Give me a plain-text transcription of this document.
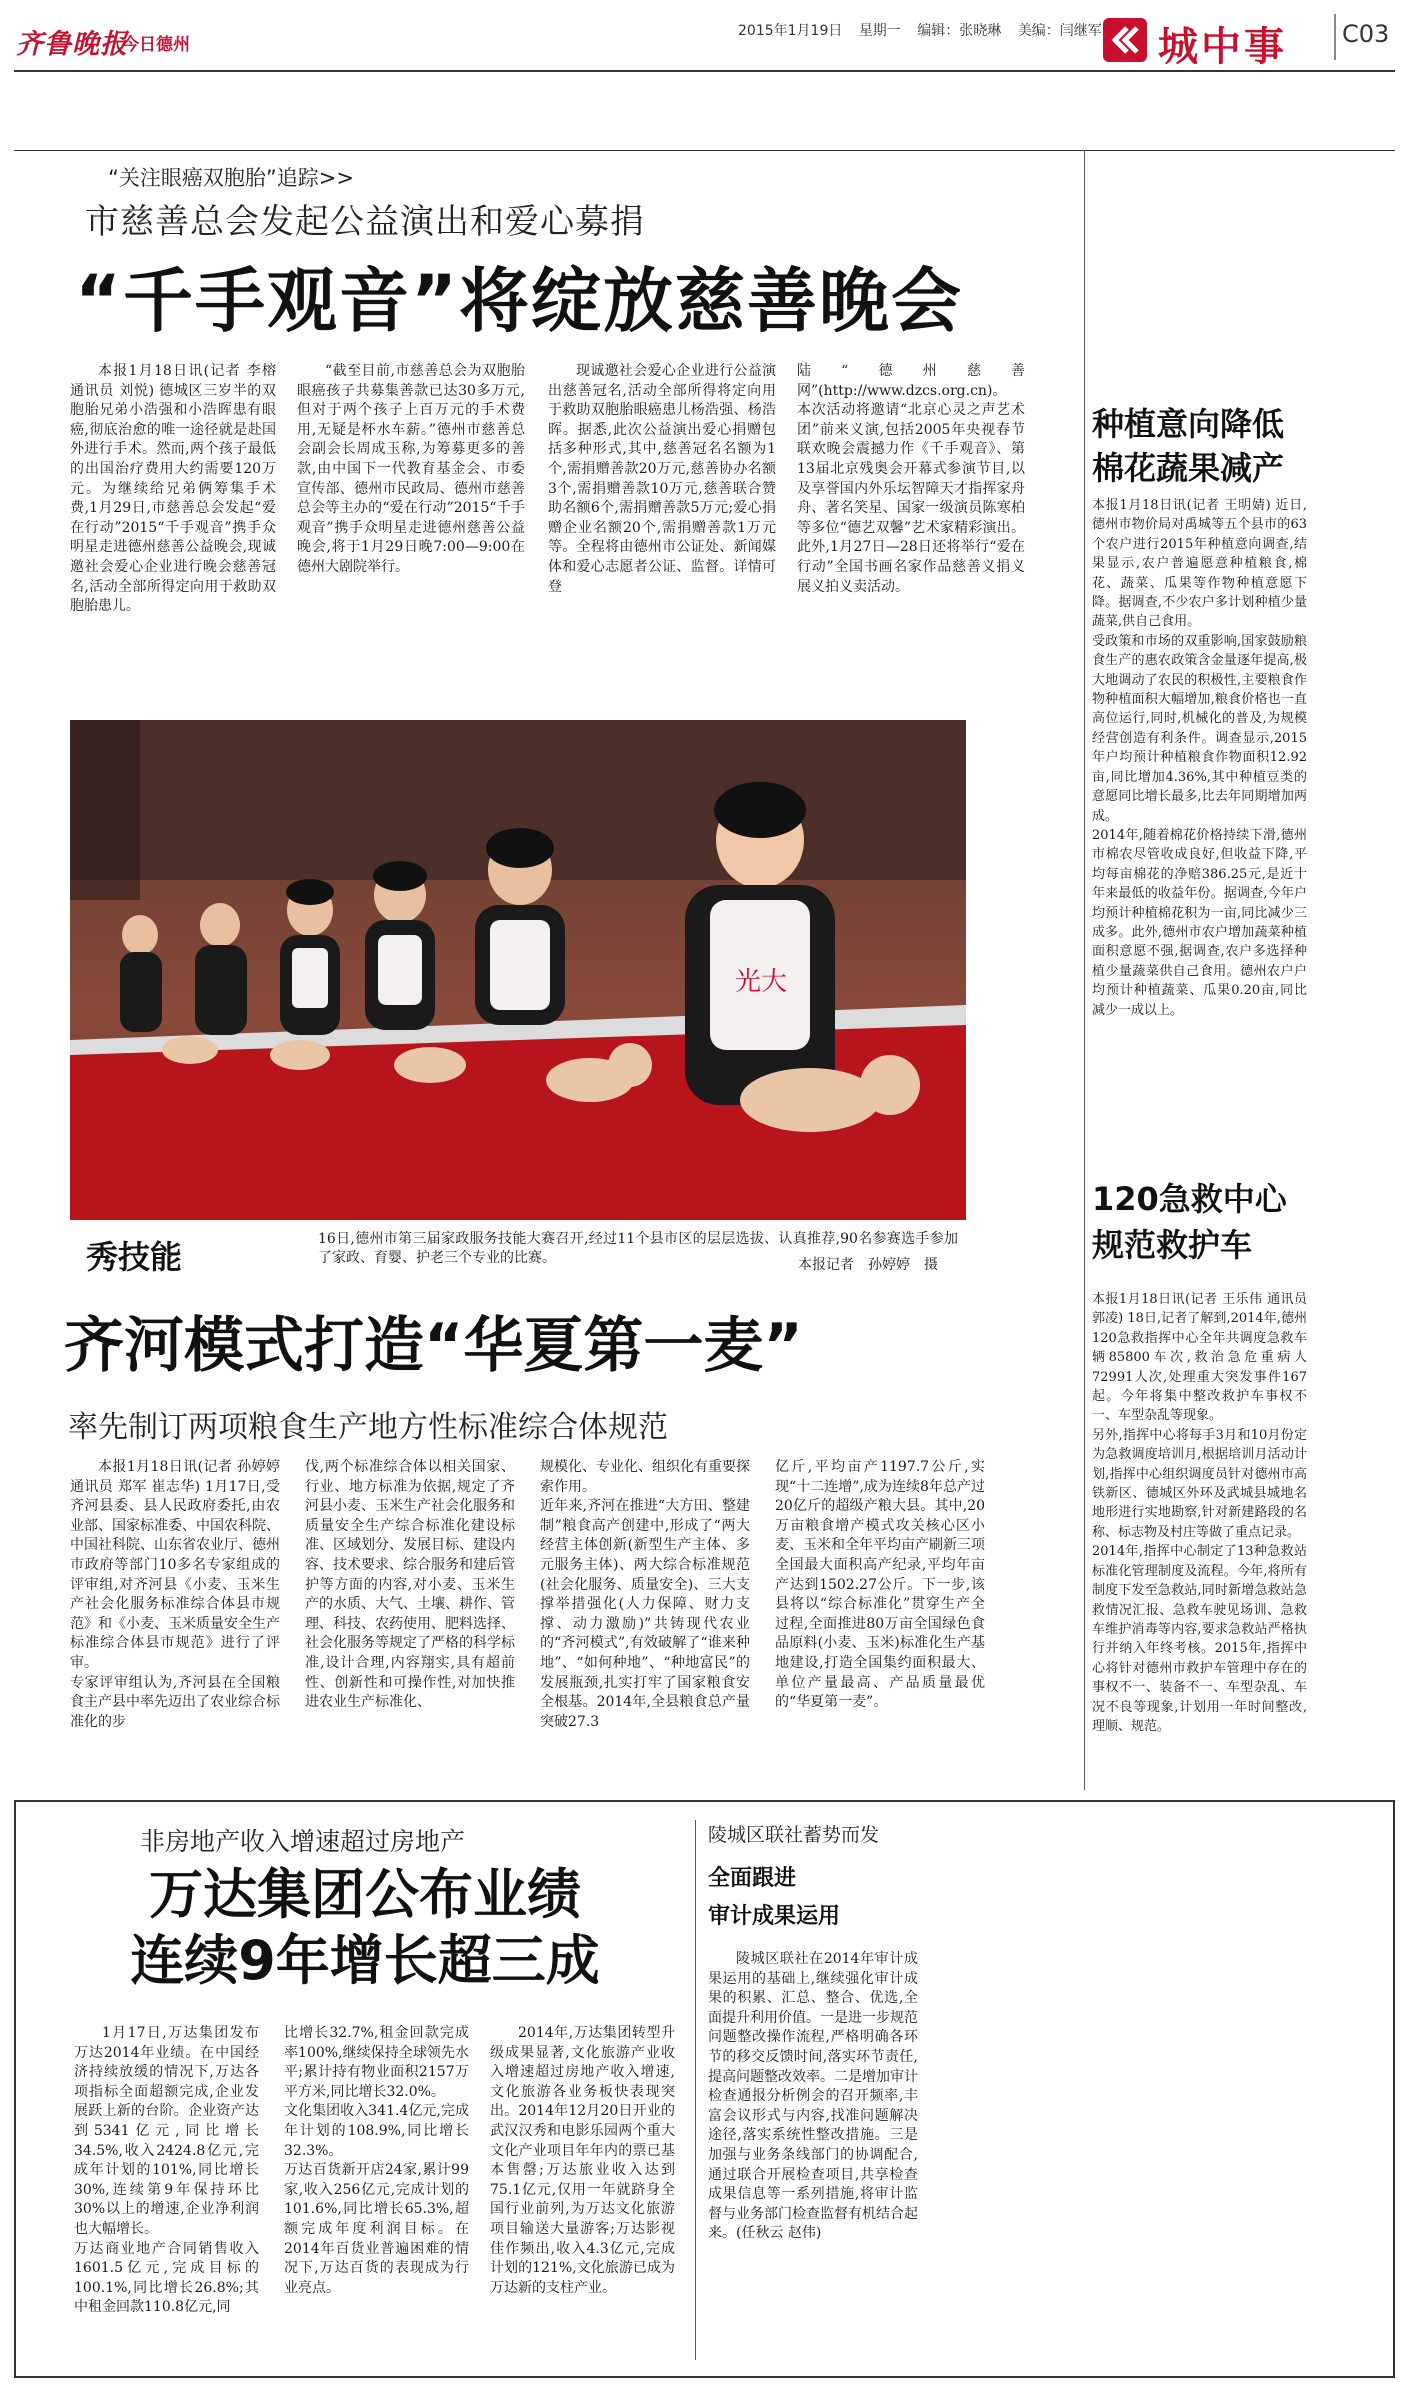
齐鲁晚报
今日德州
2015年1月19日 星期一 编辑：张晓琳 美编：闫继军 城中事 C03
“关注眼癌双胞胎”追踪>>
市慈善总会发起公益演出和爱心募捐
“千手观音”将绽放慈善晚会
本报1月18日讯(记者 李榕 通讯员 刘悦) 德城区三岁半的双胞胎兄弟小浩强和小浩晖患有眼癌,彻底治愈的唯一途径就是赴国外进行手术。然而,两个孩子最低的出国治疗费用大约需要120万元。为继续给兄弟俩筹集手术费,1月29日,市慈善总会发起“爱在行动”2015“千手观音”携手众明星走进德州慈善公益晚会,现诚邀社会爱心企业进行晚会慈善冠名,活动全部所得定向用于救助双胞胎患儿。
“截至目前,市慈善总会为双胞胎眼癌孩子共募集善款已达30多万元,但对于两个孩子上百万元的手术费用,无疑是杯水车薪。”德州市慈善总会副会长周成玉称,为筹募更多的善款,由中国下一代教育基金会、市委宣传部、德州市民政局、德州市慈善总会等主办的“爱在行动”2015“千手观音”携手众明星走进德州慈善公益晚会,将于1月29日晚7:00—9:00在德州大剧院举行。
现诚邀社会爱心企业进行公益演出慈善冠名,活动全部所得将定向用于救助双胞胎眼癌患儿杨浩强、杨浩晖。据悉,此次公益演出爱心捐赠包括多种形式,其中,慈善冠名名额为1个,需捐赠善款20万元,慈善协办名额3个,需捐赠善款10万元,慈善联合赞助名额6个,需捐赠善款5万元;爱心捐赠企业名额20个,需捐赠善款1万元等。全程将由德州市公证处、新闻媒体和爱心志愿者公证、监督。详情可登
陆“德州慈善网”(http://www.dzcs.org.cn)。
本次活动将邀请“北京心灵之声艺术团”前来义演,包括2005年央视春节联欢晚会震撼力作《千手观音》、第13届北京残奥会开幕式参演节目,以及享誉国内外乐坛智障天才指挥家舟舟、著名笑星、国家一级演员陈寒柏等多位“德艺双馨”艺术家精彩演出。此外,1月27日—28日还将举行“爱在行动”全国书画名家作品慈善义捐义展义拍义卖活动。
光大
秀技能	16日,德州市第三届家政服务技能大赛召开,经过11个县市区的层层选拔、认真推荐,90名参赛选手参加了家政、育婴、护老三个专业的比赛。	本报记者　孙婷婷　摄
齐河模式打造“华夏第一麦”
率先制订两项粮食生产地方性标准综合体规范
本报1月18日讯(记者 孙婷婷 通讯员 郑军 崔志华) 1月17日,受齐河县委、县人民政府委托,由农业部、国家标准委、中国农科院、中国社科院、山东省农业厅、德州市政府等部门10多名专家组成的评审组,对齐河县《小麦、玉米生产社会化服务标准综合体县市规范》和《小麦、玉米质量安全生产标准综合体县市规范》进行了评审。
专家评审组认为,齐河县在全国粮食主产县中率先迈出了农业综合标准化的步
伐,两个标准综合体以相关国家、行业、地方标准为依据,规定了齐河县小麦、玉米生产社会化服务和质量安全生产综合标准化建设标准、区域划分、发展目标、建设内容、技术要求、综合服务和建后管护等方面的内容,对小麦、玉米生产的水质、大气、土壤、耕作、管理、科技、农药使用、肥料选择、社会化服务等规定了严格的科学标准,设计合理,内容翔实,具有超前性、创新性和可操作性,对加快推进农业生产标准化、
规模化、专业化、组织化有重要探索作用。
近年来,齐河在推进“大方田、整建制”粮食高产创建中,形成了“两大经营主体创新(新型生产主体、多元服务主体)、两大综合标准规范(社会化服务、质量安全)、三大支撑举措强化(人力保障、财力支撑、动力激励)”共铸现代农业的“齐河模式”,有效破解了“谁来种地”、“如何种地”、“种地富民”的发展瓶颈,扎实打牢了国家粮食安全根基。2014年,全县粮食总产量突破27.3
亿斤,平均亩产1197.7公斤,实现“十二连增”,成为连续8年总产过20亿斤的超级产粮大县。其中,20万亩粮食增产模式攻关核心区小麦、玉米和全年平均亩产刷新三项全国最大面积高产纪录,平均年亩产达到1502.27公斤。下一步,该县将以“综合标准化”贯穿生产全过程,全面推进80万亩全国绿色食品原料(小麦、玉米)标准化生产基地建设,打造全国集约面积最大、单位产量最高、产品质量最优的“华夏第一麦”。
种植意向降低
棉花蔬果减产
本报1月18日讯(记者 王明婧) 近日,德州市物价局对禹城等五个县市的63个农户进行2015年种植意向调查,结果显示,农户普遍愿意种植粮食,棉花、蔬菜、瓜果等作物种植意愿下降。据调查,不少农户多计划种植少量蔬菜,供自己食用。
受政策和市场的双重影响,国家鼓励粮食生产的惠农政策含金量逐年提高,极大地调动了农民的积极性,主要粮食作物种植面积大幅增加,粮食价格也一直高位运行,同时,机械化的普及,为规模经营创造有利条件。调查显示,2015年户均预计种植粮食作物面积12.92亩,同比增加4.36%,其中种植豆类的意愿同比增长最多,比去年同期增加两成。
2014年,随着棉花价格持续下滑,德州市棉农尽管收成良好,但收益下降,平均每亩棉花的净赔386.25元,是近十年来最低的收益年份。据调查,今年户均预计种植棉花积为一亩,同比减少三成多。此外,德州市农户增加蔬菜种植面积意愿不强,据调查,农户多选择种植少量蔬菜供自己食用。德州农户户均预计种植蔬菜、瓜果0.20亩,同比减少一成以上。
120急救中心
规范救护车
本报1月18日讯(记者 王乐伟 通讯员 郭凌) 18日,记者了解到,2014年,德州120急救指挥中心全年共调度急救车辆85800车次,救治急危重病人72991人次,处理重大突发事件167起。今年将集中整改救护车事权不一、车型杂乱等现象。
另外,指挥中心将每手3月和10月份定为急救调度培训月,根据培训月活动计划,指挥中心组织调度员针对德州市高铁新区、德城区外环及武城县城地名地形进行实地勘察,针对新建路段的名称、标志物及村庄等做了重点记录。
2014年,指挥中心制定了13种急救站标准化管理制度及流程。今年,将所有制度下发至急救站,同时新增急救站急救情况汇报、急救车驶见场训、急救车维护消毒等内容,要求急救站严格执行并纳入年终考核。2015年,指挥中心将针对德州市救护车管理中存在的事权不一、装备不一、车型杂乱、车况不良等现象,计划用一年时间整改,理顺、规范。
非房地产收入增速超过房地产
万达集团公布业绩
连续9年增长超三成
1月17日,万达集团发布万达2014年业绩。在中国经济持续放缓的情况下,万达各项指标全面超额完成,企业发展跃上新的台阶。企业资产达到5341亿元,同比增长34.5%,收入2424.8亿元,完成年计划的101%,同比增长30%,连续第9年保持环比30%以上的增速,企业净利润也大幅增长。
万达商业地产合同销售收入1601.5亿元,完成目标的100.1%,同比增长26.8%;其中租金回款110.8亿元,同
比增长32.7%,租金回款完成率100%,继续保持全球领先水平;累计持有物业面积2157万平方米,同比增长32.0%。
文化集团收入341.4亿元,完成年计划的108.9%,同比增长32.3%。
万达百货新开店24家,累计99家,收入256亿元,完成计划的101.6%,同比增长65.3%,超额完成年度利润目标。在2014年百货业普遍困难的情况下,万达百货的表现成为行业亮点。
2014年,万达集团转型升级成果显著,文化旅游产业收入增速超过房地产收入增速,文化旅游各业务板快表现突出。2014年12月20日开业的武汉汉秀和电影乐园两个重大文化产业项目年年内的票已基本售罄;万达旅业收入达到75.1亿元,仅用一年就跻身全国行业前列,为万达文化旅游项目输送大量游客;万达影视佳作频出,收入4.3亿元,完成计划的121%,文化旅游已成为万达新的支柱产业。
陵城区联社蓄势而发
全面跟进
审计成果运用
陵城区联社在2014年审计成果运用的基础上,继续强化审计成果的积累、汇总、整合、优选,全面提升利用价值。一是进一步规范问题整改操作流程,严格明确各环节的移交反馈时间,落实环节责任,提高问题整改效率。二是增加审计检查通报分析例会的召开频率,丰富会议形式与内容,找准问题解决途径,落实系统性整改措施。三是加强与业务条线部门的协调配合,通过联合开展检查项目,共享检查成果信息等一系列措施,将审计监督与业务部门检查监督有机结合起来。(任秋云 赵伟)
